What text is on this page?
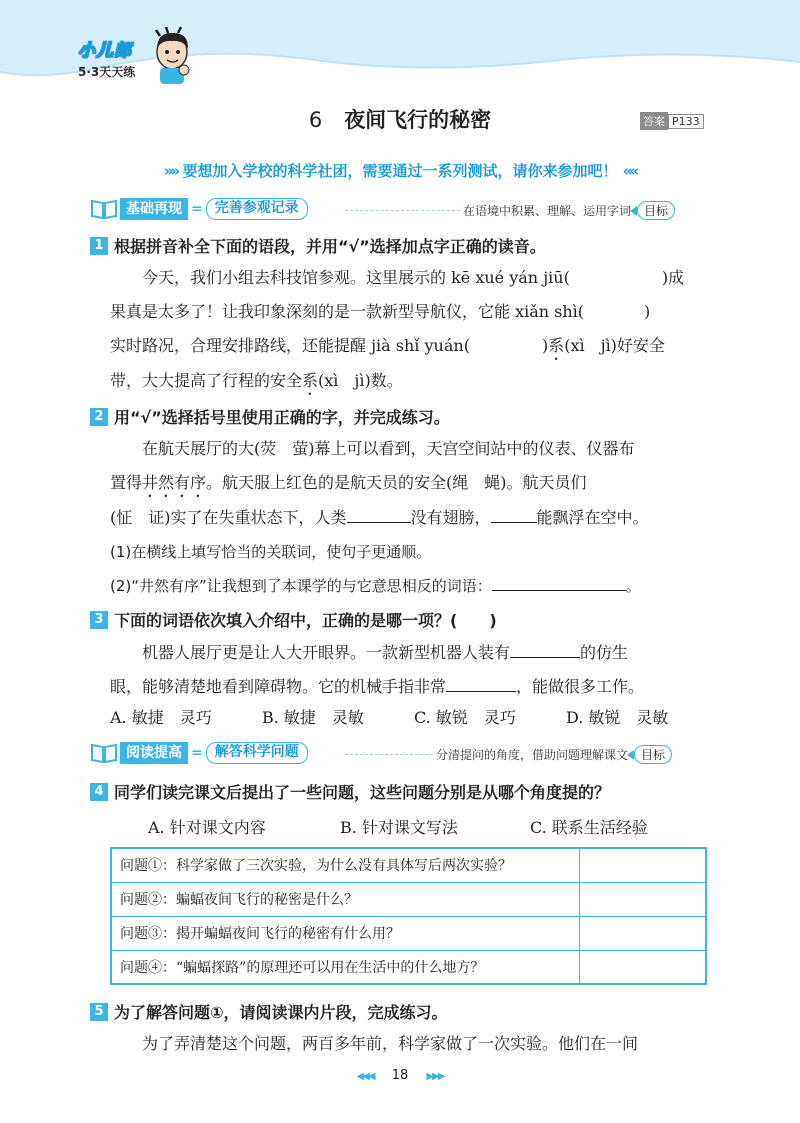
小儿郎
5·3天天练
6 夜间飞行的秘密	答案 P133
»» 要想加入学校的科学社团，需要通过一系列测试，请你来参加吧！ ««
基础再现 = 完善参观记录	在语境中积累、理解、运用字词	目标
1 根据拼音补全下面的语段，并用“√”选择加点字正确的读音。
今天，我们小组去科技馆参观。这里展示的 kē xué yán jiū(	)成
果真是太多了！让我印象深刻的是一款新型导航仪，它能 xiǎn shì(	)
实时路况，合理安排路线，还能提醒 jià shǐ yuán(	)系(xì　jì)好安全
带，大大提高了行程的安全系(xì　jì)数。
2 用“√”选择括号里使用正确的字，并完成练习。
在航天展厅的大(荧　萤)幕上可以看到，天宫空间站中的仪表、仪器布
置得井然有序。航天服上红色的是航天员的安全(绳　蝇)。航天员们
(怔　证)实了在失重状态下，人类	没有翅膀，	能飘浮在空中。
(1)在横线上填写恰当的关联词，使句子更通顺。
(2)“井然有序”让我想到了本课学的与它意思相反的词语：	。
3 下面的词语依次填入介绍中，正确的是哪一项？(　　)
机器人展厅更是让人大开眼界。一款新型机器人装有	的仿生
眼，能够清楚地看到障碍物。它的机械手指非常	，能做很多工作。
A. 敏捷　灵巧	B. 敏捷　灵敏	C. 敏锐　灵巧	D. 敏锐　灵敏
阅读提高 = 解答科学问题	分清提问的角度，借助问题理解课文	目标
4 同学们读完课文后提出了一些问题，这些问题分别是从哪个角度提的？
A. 针对课文内容	B. 针对课文写法	C. 联系生活经验
问题①：科学家做了三次实验，为什么没有具体写后两次实验？	
问题②：蝙蝠夜间飞行的秘密是什么？	
问题③：揭开蝙蝠夜间飞行的秘密有什么用？	
问题④：“蝙蝠探路”的原理还可以用在生活中的什么地方？	
5 为了解答问题①，请阅读课内片段，完成练习。
为了弄清楚这个问题，两百多年前，科学家做了一次实验。他们在一间
◀◀◀ 18 ▶▶▶
